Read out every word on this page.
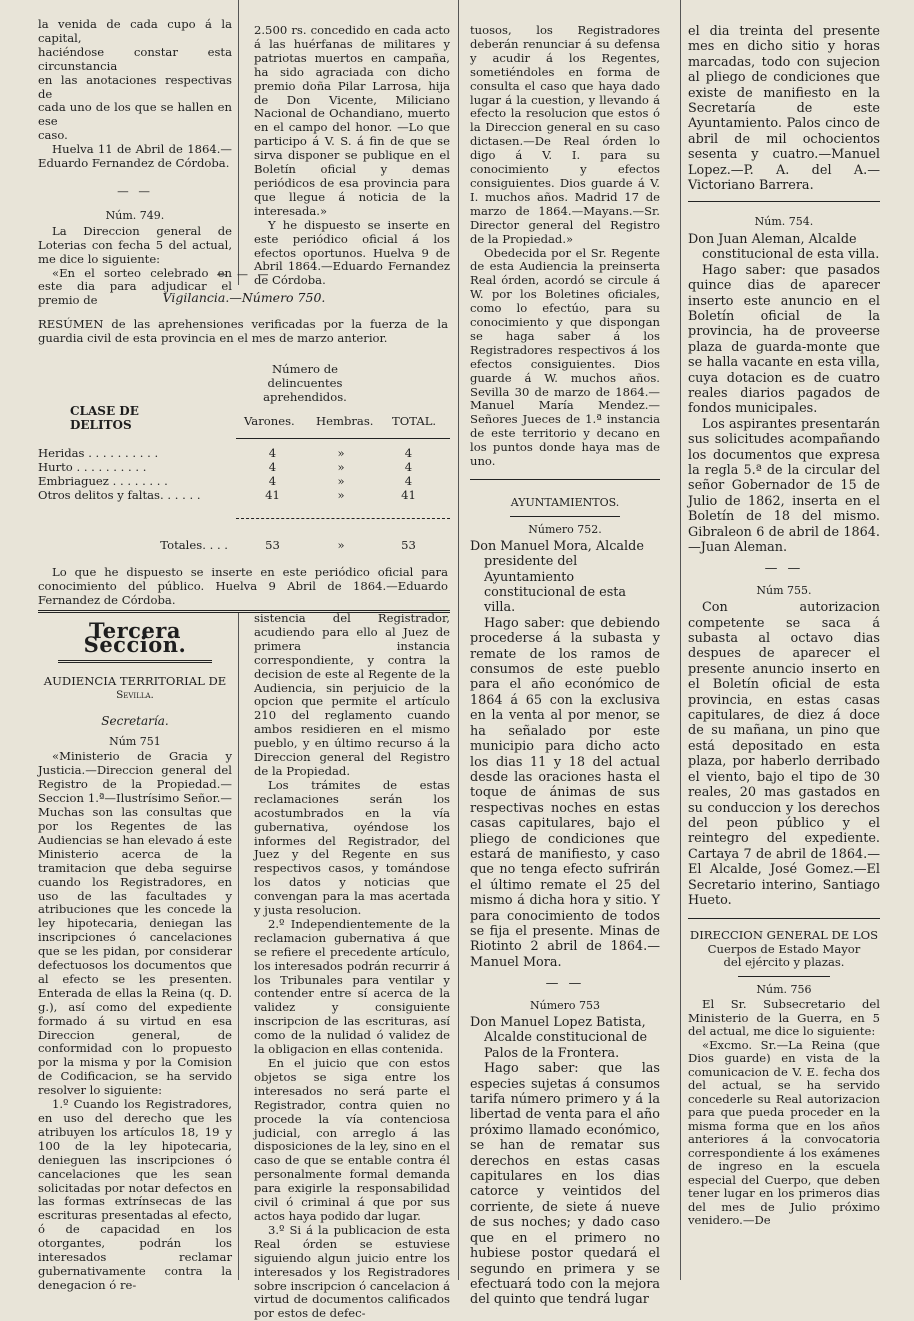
la venida de cada cupo á la capital,

haciéndose constar esta circunstancia

en las anotaciones respectivas de

cada uno de los que se hallen en ese

caso.

Huelva 11 de Abril de 1864.—Eduardo Fernandez de Córdoba.

— —
Núm. 749.

La Direccion general de Loterias con fecha 5 del actual, me dice lo siguiente:

«En el sorteo celebrado en este dia para adjudicar el premio de

2.500 rs. concedido en cada acto á las huérfanas de militares y patriotas muertos en campaña, ha sido agraciada con dicho premio doña Pilar Larrosa, hija de Don Vicente, Miliciano Nacional de Ochandiano, muerto en el campo del honor. —Lo que participo á V. S. á fin de que se sirva disponer se publique en el Boletín oficial y demas periódicos de esa provincia para que llegue á noticia de la interesada.»

Y he dispuesto se inserte en este periódico oficial á los efectos oportunos. Huelva 9 de Abril 1864.—Eduardo Fernandez de Córdoba.

— — —
Vigilancia.—Número 750.

RESÚMEN de las aprehensiones verificadas por la fuerza de la guardia civil de esta provincia en el mes de marzo anterior.

Número de delincuentes aprehendidos.
CLASE DE DELITOS	Varones. Hembras. TOTAL.
Heridas . . . . . . . . . .	4	»	4
Hurto . . . . . . . . . .	4	»	4
Embriaguez . . . . . . . .	4	»	4
Otros delitos y faltas. . . . . .	41	»	41
Totales. . . .	53	»	53

Lo que he dispuesto se inserte en este periódico oficial para conocimiento del público. Huelva 9 Abril de 1864.—Eduardo Fernandez de Córdoba.

Tercera Seccion.
AUDIENCIA TERRITORIAL DE
Sevilla.
Secretaría.
Núm 751

«Ministerio de Gracia y Justicia.—Direccion general del Registro de la Propiedad.—Seccion 1.ª—Ilustrísimo Señor.—Muchas son las consultas que por los Regentes de las Audiencias se han elevado á este Ministerio acerca de la tramitacion que deba seguirse cuando los Registradores, en uso de las facultades y atribuciones que les concede la ley hipotecaria, deniegan las inscripciones ó cancelaciones que se les pidan, por considerar defectuosos los documentos que al efecto se les presenten. Enterada de ellas la Reina (q. D. g.), así como del expediente formado á su virtud en esa Direccion general, de conformidad con lo propuesto por la misma y por la Comision de Codificacion, se ha servido resolver lo siguiente:

1.º Cuando los Registradores, en uso del derecho que les atribuyen los artículos 18, 19 y 100 de la ley hipotecaria, denieguen las inscripciones ó cancelaciones que les sean solicitadas por notar defectos en las formas extrínsecas de las escrituras presentadas al efecto, ó de capacidad en los otorgantes, podrán los interesados reclamar gubernativamente contra la denegacion ó re-

sistencia del Registrador, acudiendo para ello al Juez de primera instancia correspondiente, y contra la decision de este al Regente de la Audiencia, sin perjuicio de la opcion que permite el artículo 210 del reglamento cuando ambos residieren en el mismo pueblo, y en último recurso á la Direccion general del Registro de la Propiedad.

Los trámites de estas reclamaciones serán los acostumbrados en la vía gubernativa, oyéndose los informes del Registrador, del Juez y del Regente en sus respectivos casos, y tomándose los datos y noticias que convengan para la mas acertada y justa resolucion.

2.º Independientemente de la reclamacion gubernativa á que se refiere el precedente artículo, los interesados podrán recurrir á los Tribunales para ventilar y contender entre sí acerca de la validez y consiguiente inscripcion de las escrituras, así como de la nulidad ó validez de la obligacion en ellas contenida.

En el juicio que con estos objetos se siga entre los interesados no será parte el Registrador, contra quien no procede la vía contenciosa judicial, con arreglo á las disposiciones de la ley, sino en el caso de que se entable contra él personalmente formal demanda para exigirle la responsabilidad civil ó criminal á que por sus actos haya podido dar lugar.

3.º Si á la publicacion de esta Real órden se estuviese siguiendo algun juicio entre los interesados y los Registradores sobre inscripcion ó cancelacion á virtud de documentos calificados por estos de defec-

tuosos, los Registradores deberán renunciar á su defensa y acudir á los Regentes, sometiéndoles en forma de consulta el caso que haya dado lugar á la cuestion, y llevando á efecto la resolucion que estos ó la Direccion general en su caso dictasen.—De Real órden lo digo á V. I. para su conocimiento y efectos consiguientes. Dios guarde á V. I. muchos años. Madrid 17 de marzo de 1864.—Mayans.—Sr. Director general del Registro de la Propiedad.»

Obedecida por el Sr. Regente de esta Audiencia la preinserta Real órden, acordó se circule á W. por los Boletines oficiales, como lo efectúo, para su conocimiento y que dispongan se haga saber á los Registradores respectivos á los efectos consiguientes. Dios guarde á W. muchos años. Sevilla 30 de marzo de 1864.—Manuel María Mendez.—Señores Jueces de 1.ª instancia de este territorio y decano en los puntos donde haya mas de uno.

AYUNTAMIENTOS.
Número 752.

Don Manuel Mora, Alcalde presidente del Ayuntamiento constitucional de esta villa.

Hago saber: que debiendo procederse á la subasta y remate de los ramos de consumos de este pueblo para el año económico de 1864 á 65 con la exclusiva en la venta al por menor, se ha señalado por este municipio para dicho acto los dias 11 y 18 del actual desde las oraciones hasta el toque de ánimas de sus respectivas noches en estas casas capitulares, bajo el pliego de condiciones que estará de manifiesto, y caso que no tenga efecto sufrirán el último remate el 25 del mismo á dicha hora y sitio. Y para conocimiento de todos se fija el presente. Minas de Riotinto 2 abril de 1864.—Manuel Mora.

— —
Número 753

Don Manuel Lopez Batista, Alcalde constitucional de Palos de la Frontera.

Hago saber: que las especies sujetas á consumos tarifa número primero y á la libertad de venta para el año próximo llamado económico, se han de rematar sus derechos en estas casas capitulares en los dias catorce y veintidos del corriente, de siete á nueve de sus noches; y dado caso que en el primero no hubiese postor quedará el segundo en primera y se efectuará todo con la mejora del quinto que tendrá lugar

el dia treinta del presente mes en dicho sitio y horas marcadas, todo con sujecion al pliego de condiciones que existe de manifiesto en la Secretaría de este Ayuntamiento. Palos cinco de abril de mil ochocientos sesenta y cuatro.—Manuel Lopez.—P. A. del A.—Victoriano Barrera.

Núm. 754.

Don Juan Aleman, Alcalde constitucional de esta villa.

Hago saber: que pasados quince dias de aparecer inserto este anuncio en el Boletín oficial de la provincia, ha de proveerse plaza de guarda-monte que se halla vacante en esta villa, cuya dotacion es de cuatro reales diarios pagados de fondos municipales.

Los aspirantes presentarán sus solicitudes acompañando los documentos que expresa la regla 5.ª de la circular del señor Gobernador de 15 de Julio de 1862, inserta en el Boletín de 18 del mismo. Gibraleon 6 de abril de 1864.—Juan Aleman.

— —
Núm 755.

Con autorizacion competente se saca á subasta al octavo dias despues de aparecer el presente anuncio inserto en el Boletín oficial de esta provincia, en estas casas capitulares, de diez á doce de su mañana, un pino que está depositado en esta plaza, por haberlo derribado el viento, bajo el tipo de 30 reales, 20 mas gastados en su conduccion y los derechos del peon público y el reintegro del expediente. Cartaya 7 de abril de 1864.—El Alcalde, José Gomez.—El Secretario interino, Santiago Hueto.

DIRECCION GENERAL DE LOS
Cuerpos de Estado Mayor del ejército y plazas.
Núm. 756

El Sr. Subsecretario del Ministerio de la Guerra, en 5 del actual, me dice lo siguiente:

«Excmo. Sr.—La Reina (que Dios guarde) en vista de la comunicacion de V. E. fecha dos del actual, se ha servido concederle su Real autorizacion para que pueda proceder en la misma forma que en los años anteriores á la convocatoria correspondiente á los exámenes de ingreso en la escuela especial del Cuerpo, que deben tener lugar en los primeros dias del mes de Julio próximo venidero.—De
